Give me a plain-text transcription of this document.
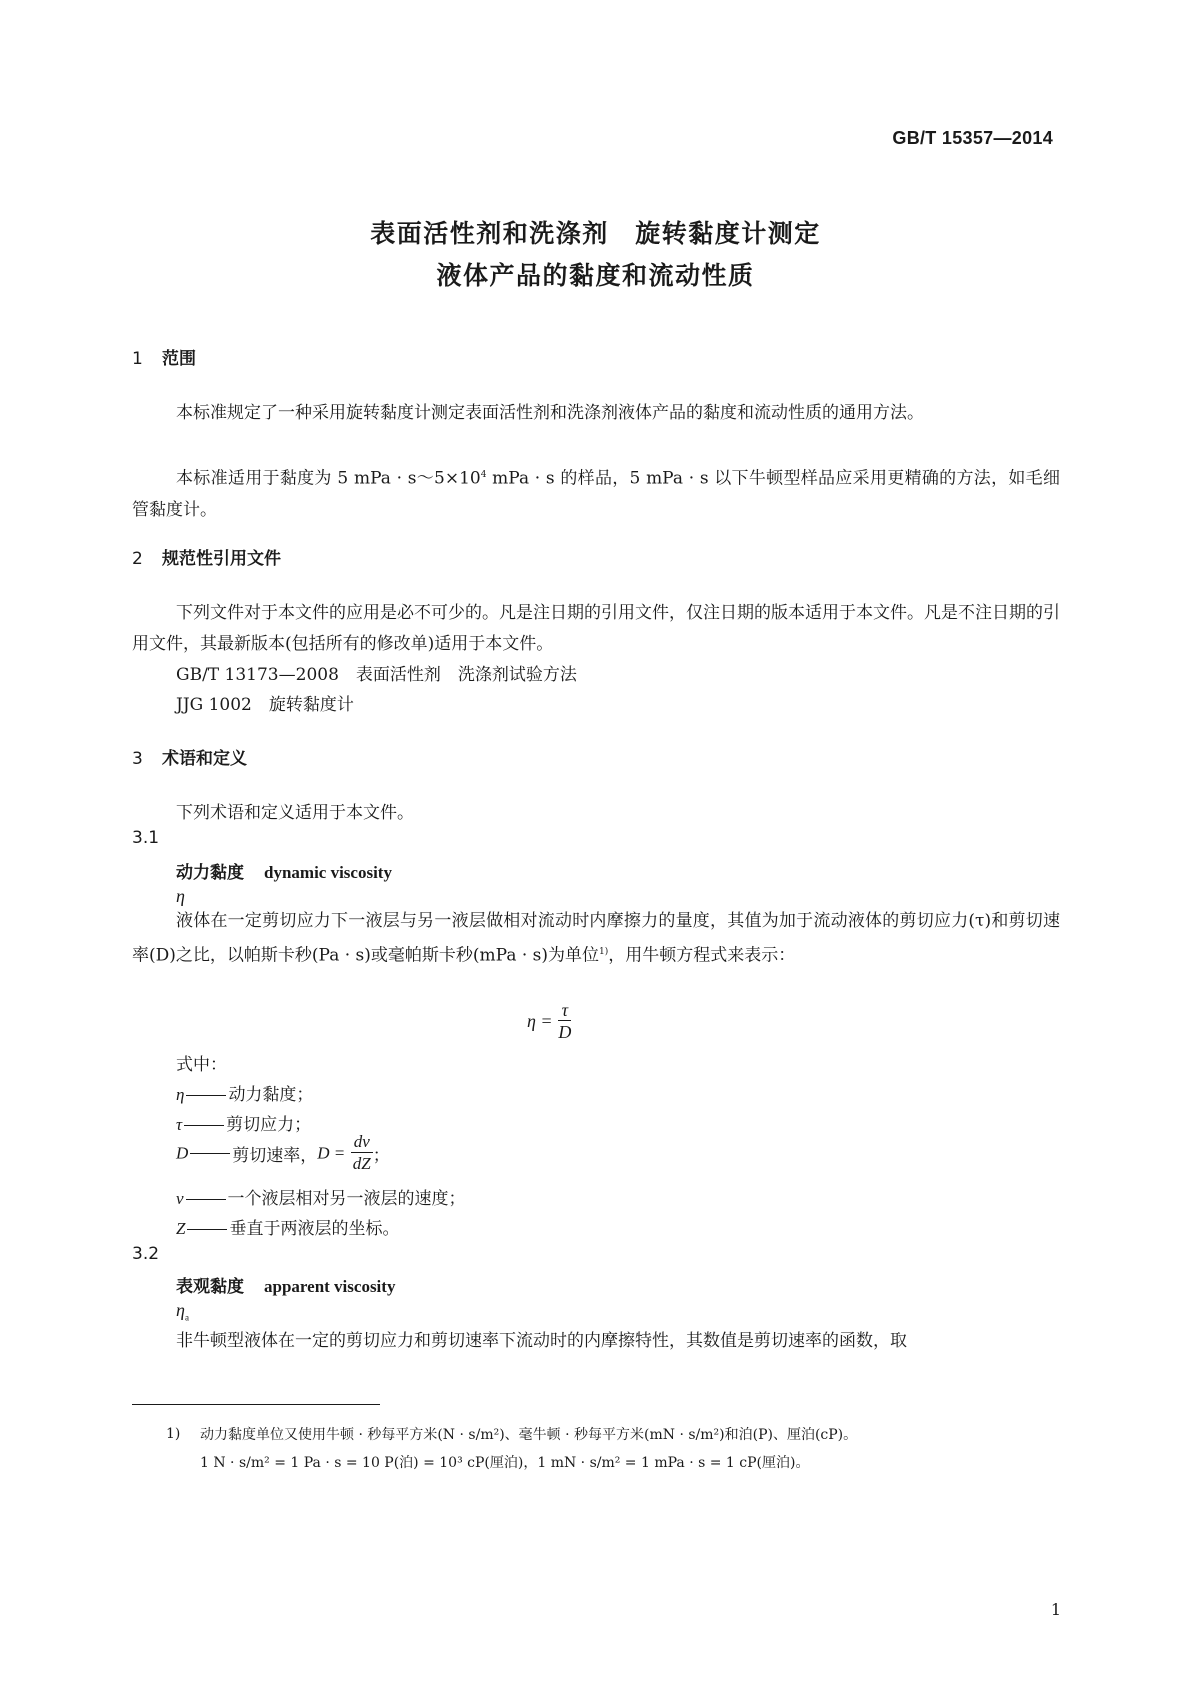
GB/T 15357—2014
表面活性剂和洗涤剂　旋转黏度计测定
液体产品的黏度和流动性质
1 范围
本标准规定了一种采用旋转黏度计测定表面活性剂和洗涤剂液体产品的黏度和流动性质的通用方法。
本标准适用于黏度为 5 mPa · $s\sim 5\times 10^4$ mPa · s 的样品，5 mPa · s 以下牛顿型样品应采用更精确的方法，如毛细管黏度计。
2 规范性引用文件
下列文件对于本文件的应用是必不可少的。凡是注日期的引用文件，仅注日期的版本适用于本文件。凡是不注日期的引用文件，其最新版本(包括所有的修改单)适用于本文件。
GB/T 13173—2008　表面活性剂　洗涤剂试验方法
JJG 1002　旋转黏度计
3 术语和定义
下列术语和定义适用于本文件。
3.1
动力黏度 dynamic viscosity
η
液体在一定剪切应力下一液层与另一液层做相对流动时内摩擦力的量度，其值为加于流动液体的剪切应力(τ)和剪切速率(D)之比，以帕斯卡秒(Pa · s)或毫帕斯卡秒(mPa · s)为单位$^{1)}$，用牛顿方程式来表示：
$\eta = \frac{\tau}{D}$
式中：
η	动力黏度；
τ	剪切应力；
D	剪切速率，$D = \frac{dv}{dZ}$ ；
v	一个液层相对另一液层的速度；
Z	垂直于两液层的坐标。
3.2
表观黏度 apparent viscosity
$\eta_a$
非牛顿型液体在一定的剪切应力和剪切速率下流动时的内摩擦特性，其数值是剪切速率的函数，取
1) 动力黏度单位又使用牛顿 · 秒每平方米(N · s/m²)、毫牛顿 · 秒每平方米(mN · s/m²)和泊(P)、厘泊(cP)。
1 N · s/m² = 1 Pa · s = 10 P(泊) = 10³ cP(厘泊)，1 mN · s/m² = 1 mPa · s = 1 cP(厘泊)。
1
